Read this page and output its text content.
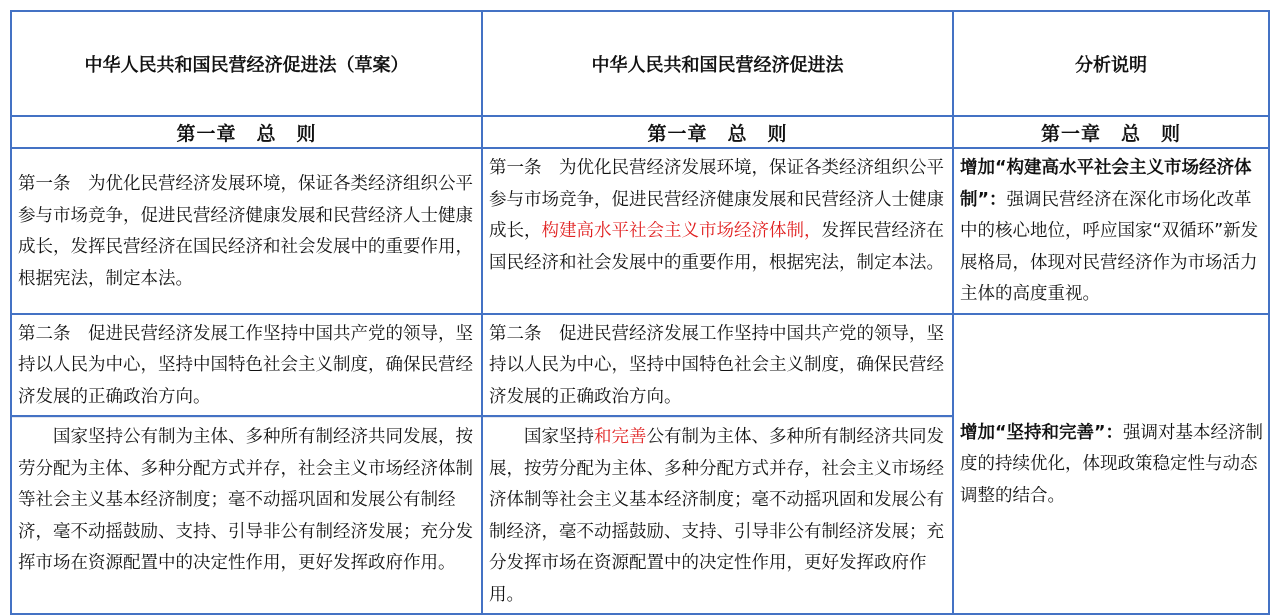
中华人民共和国民营经济促进法（草案）	中华人民共和国民营经济促进法	分析说明
第一章　总　则	第一章　总　则	第一章　总　则

第一条　为优化民营经济发展环境，保证各类经济组织公平参与市场竞争，促进民营经济健康发展和民营经济人士健康成长，发挥民营经济在国民经济和社会发展中的重要作用，根据宪法，制定本法。	第一条　为优化民营经济发展环境，保证各类经济组织公平参与市场竞争，促进民营经济健康发展和民营经济人士健康成长，构建高水平社会主义市场经济体制，发挥民营经济在国民经济和社会发展中的重要作用，根据宪法，制定本法。	增加“构建高水平社会主义市场经济体制”：强调民营经济在深化市场化改革中的核心地位，呼应国家“双循环”新发展格局，体现对民营经济作为市场活力主体的高度重视。

第二条　促进民营经济发展工作坚持中国共产党的领导，坚持以人民为中心，坚持中国特色社会主义制度，确保民营经济发展的正确政治方向。	第二条　促进民营经济发展工作坚持中国共产党的领导，坚持以人民为中心，坚持中国特色社会主义制度，确保民营经济发展的正确政治方向。	增加“坚持和完善”：强调对基本经济制度的持续优化，体现政策稳定性与动态调整的结合。

国家坚持公有制为主体、多种所有制经济共同发展，按劳分配为主体、多种分配方式并存，社会主义市场经济体制等社会主义基本经济制度；毫不动摇巩固和发展公有制经济，毫不动摇鼓励、支持、引导非公有制经济发展；充分发挥市场在资源配置中的决定性作用，更好发挥政府作用。	国家坚持和完善公有制为主体、多种所有制经济共同发展，按劳分配为主体、多种分配方式并存，社会主义市场经济体制等社会主义基本经济制度；毫不动摇巩固和发展公有制经济，毫不动摇鼓励、支持、引导非公有制经济发展；充分发挥市场在资源配置中的决定性作用，更好发挥政府作用。	
